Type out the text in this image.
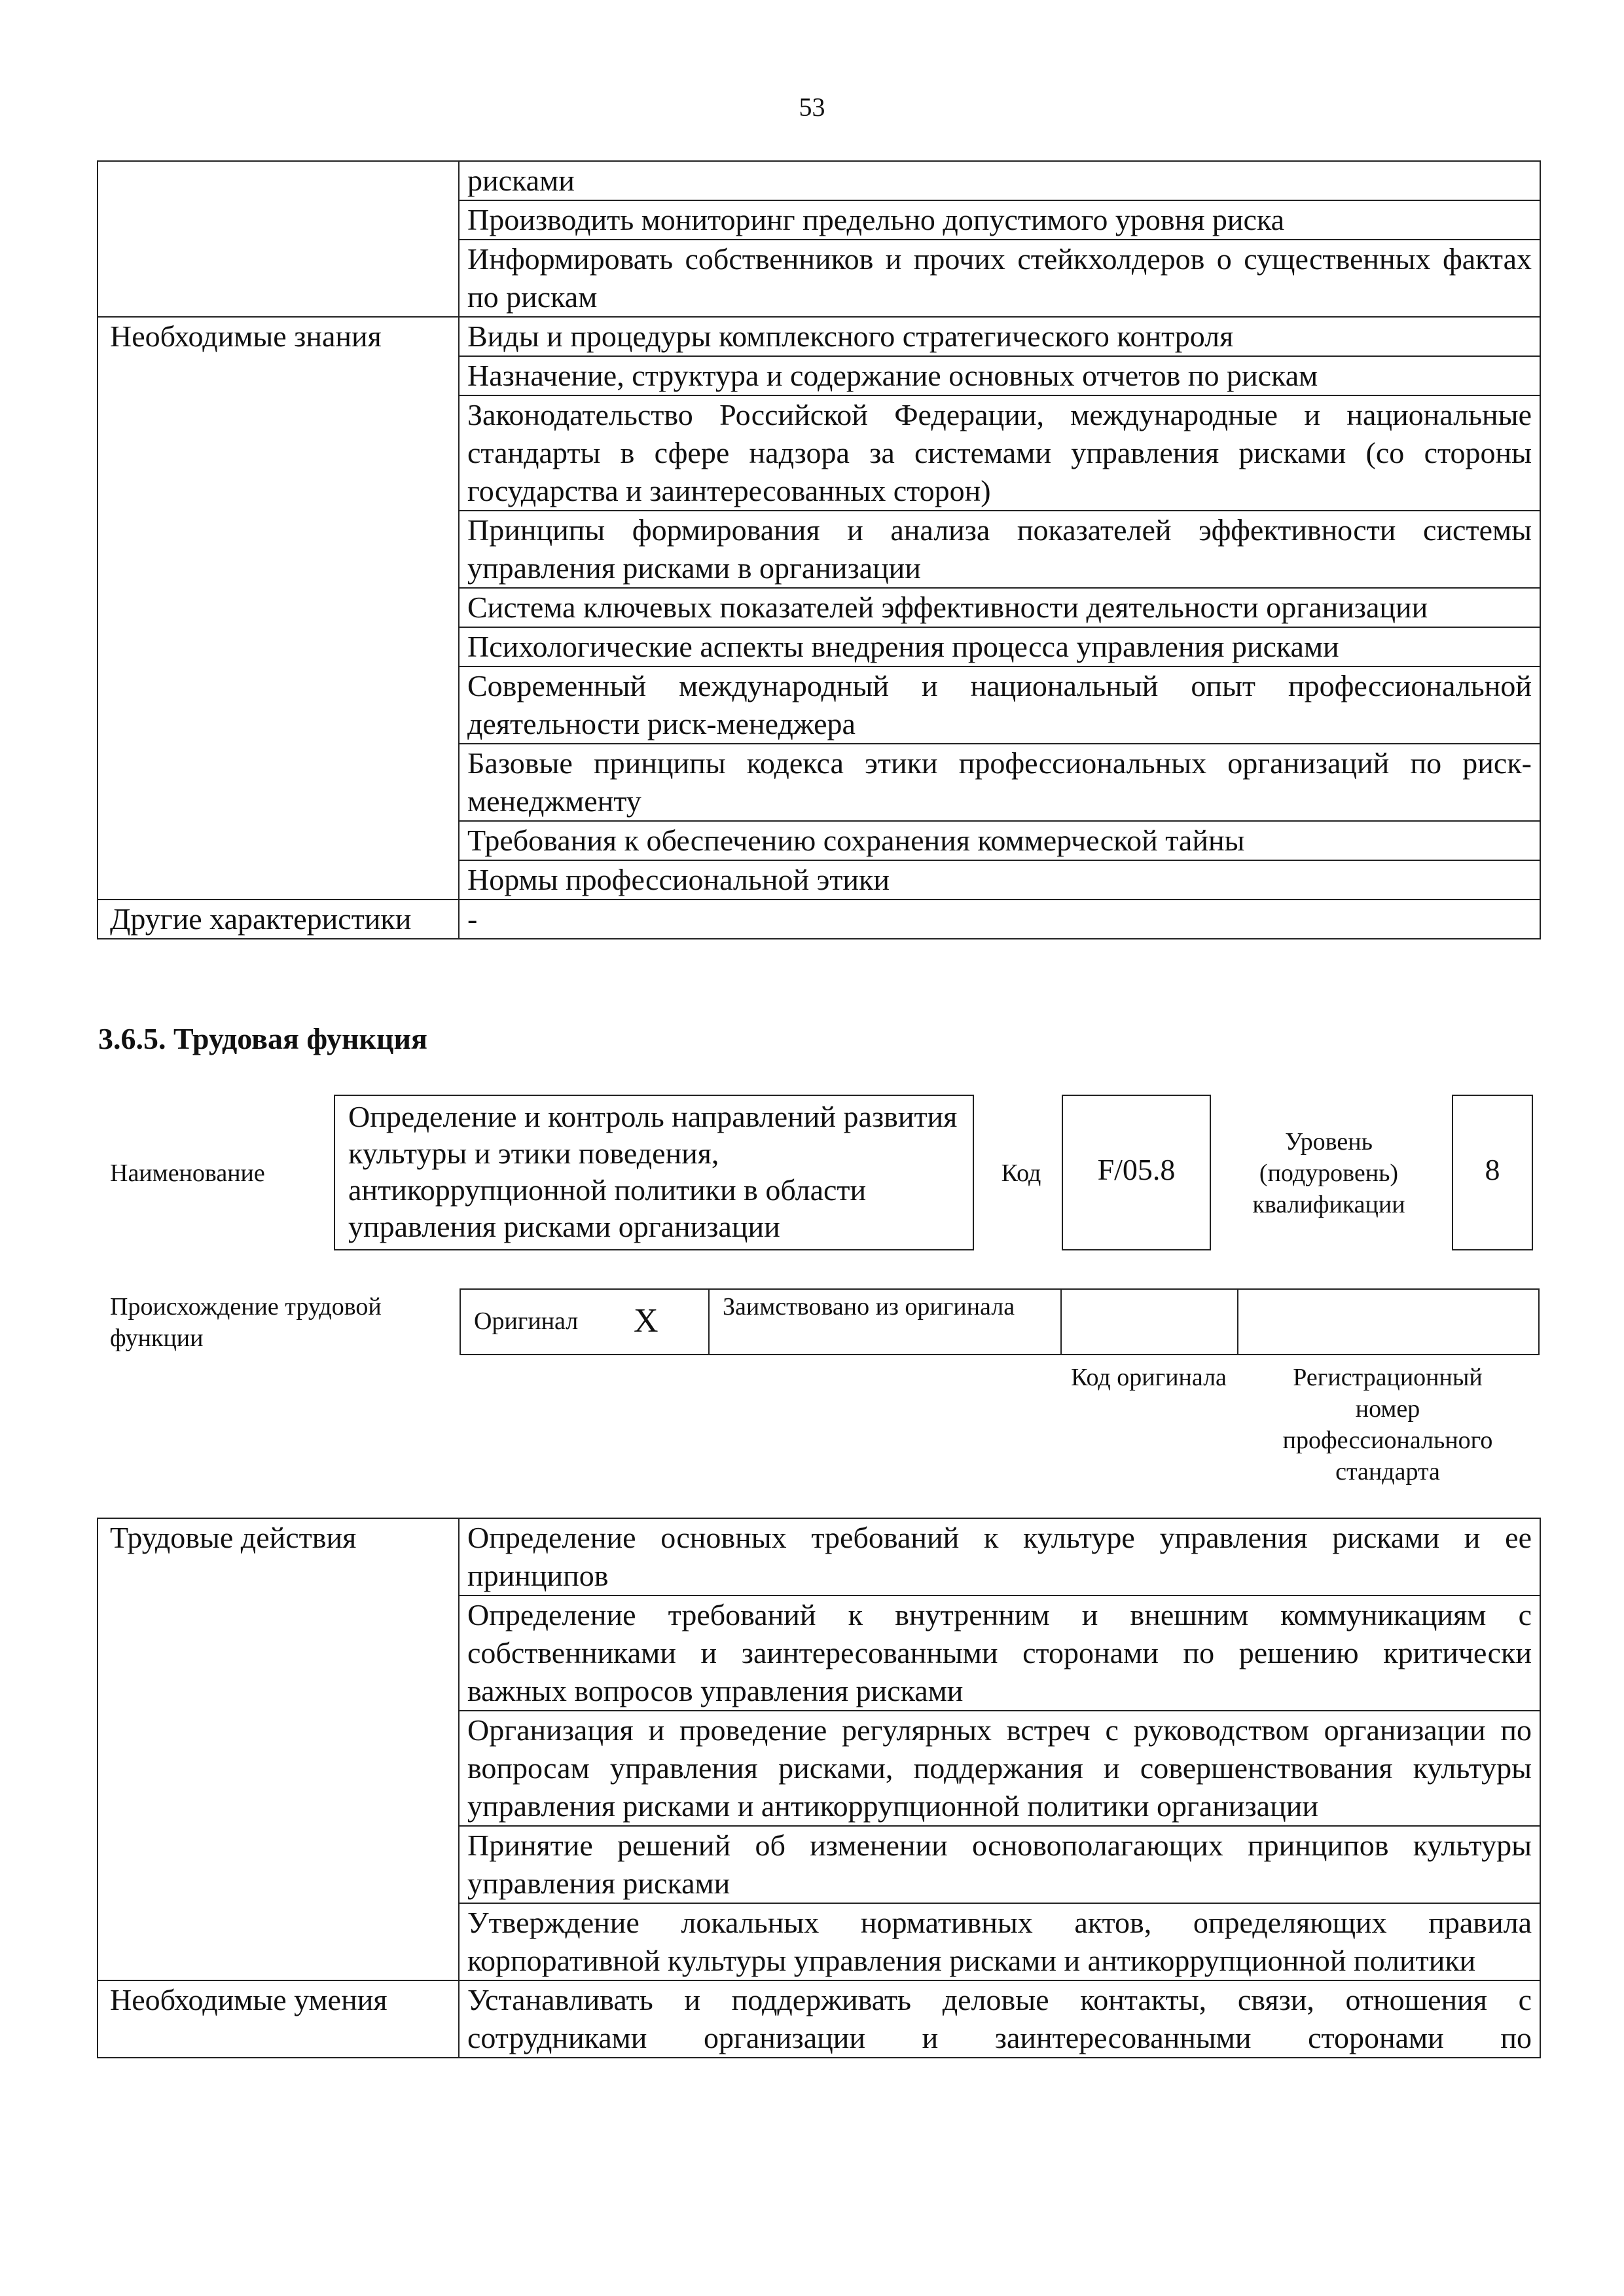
53
	рисками
	Производить мониторинг предельно допустимого уровня риска
	Информировать собственников и прочих стейкхолдеров о существенных фактах по рискам
Необходимые знания	Виды и процедуры комплексного стратегического контроля
	Назначение, структура и содержание основных отчетов по рискам
	Законодательство Российской Федерации, международные и национальные стандарты в сфере надзора за системами управления рисками (со стороны государства и заинтересованных сторон)
	Принципы формирования и анализа показателей эффективности системы управления рисками в организации
	Система ключевых показателей эффективности деятельности организации
	Психологические аспекты внедрения процесса управления рисками
	Современный международный и национальный опыт профессиональной деятельности риск-менеджера
	Базовые принципы кодекса этики профессиональных организаций по риск-менеджменту
	Требования к обеспечению сохранения коммерческой тайны
	Нормы профессиональной этики
Другие характеристики	-
3.6.5. Трудовая функция
Наименование
Определение и контроль направлений развития культуры и этики поведения, антикоррупционной политики в области управления рисками организации
Код	F/05.8
Уровень (подуровень) квалификации
8
Происхождение трудовой функции
Оригинал X	Заимствовано из оригинала
Код оригинала	Регистрационный номер профессионального стандарта
Трудовые действия	Определение основных требований к культуре управления рисками и ее принципов
	Определение требований к внутренним и внешним коммуникациям с собственниками и заинтересованными сторонами по решению критически важных вопросов управления рисками
	Организация и проведение регулярных встреч с руководством организации по вопросам управления рисками, поддержания и совершенствования культуры управления рисками и антикоррупционной политики организации
	Принятие решений об изменении основополагающих принципов культуры управления рисками
	Утверждение локальных нормативных актов, определяющих правила корпоративной культуры управления рисками и антикоррупционной политики
Необходимые умения	Устанавливать и поддерживать деловые контакты, связи, отношения с сотрудниками организации и заинтересованными сторонами по
